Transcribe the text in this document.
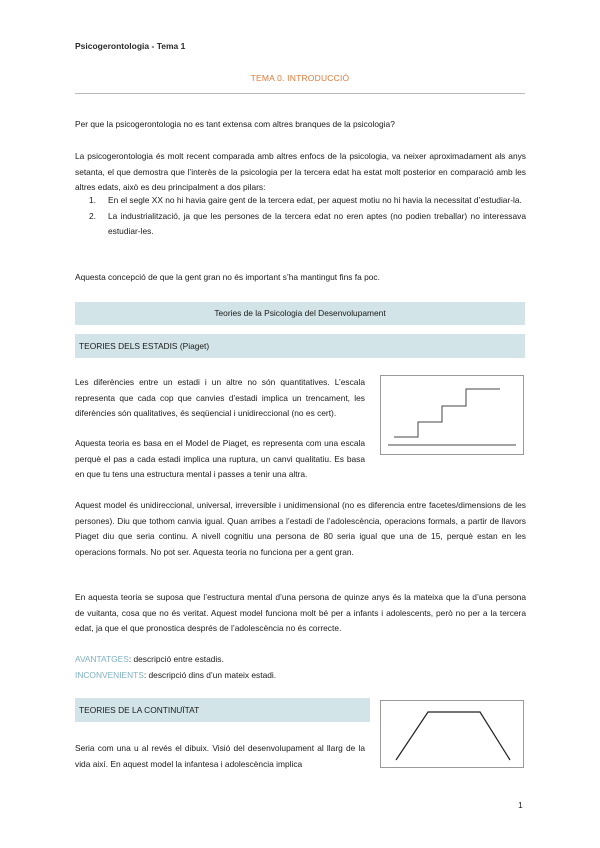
Psicogerontologia - Tema 1
TEMA 0. INTRODUCCIÓ
Per que la psicogerontologia no es tant extensa com altres branques de la psicologia?
La psicogerontologia és molt recent comparada amb altres enfocs de la psicologia, va neixer aproximadament als anys setanta, el que demostra que l’interès de la psicologia per la tercera edat ha estat molt posterior en comparació amb les altres edats, això es deu principalment a dos pilars:
1. En el segle XX no hi havia gaire gent de la tercera edat, per aquest motiu no hi havia la necessitat d’estudiar-la.
2. La industrialització, ja que les persones de la tercera edat no eren aptes (no podien treballar) no interessava estudiar-les.
Aquesta concepció de que la gent gran no és important s’ha mantingut fins fa poc.
Teories de la Psicologia del Desenvolupament
TEORIES DELS ESTADIS (Piaget)
Les diferències entre un estadi i un altre no són quantitatives. L’escala representa que cada cop que canvies d’estadi implica un trencament, les diferències són qualitatives, és seqüencial i unidireccional (no es cert).
Aquesta teoria es basa en el Model de Piaget, es representa com una escala perquè el pas a cada estadi implica una ruptura, un canvi qualitatiu. Es basa en que tu tens una estructura mental i passes a tenir una altra.
Aquest model és unidireccional, universal, irreversible i unidimensional (no es diferencia entre facetes/dimensions de les persones). Diu que tothom canvia igual. Quan arribes a l’estadi de l’adolescència, operacions formals, a partir de llavors Piaget diu que seria continu. A nivell cognitiu una persona de 80 seria igual que una de 15, perquè estan en les operacions formals. No pot ser. Aquesta teoria no funciona per a gent gran.
En aquesta teoria se suposa que l’estructura mental d’una persona de quinze anys és la mateixa que la d’una persona de vuitanta, cosa que no és veritat. Aquest model funciona molt bé per a infants i adolescents, però no per a la tercera edat, ja que el que pronostica després de l’adolescència no és correcte.
AVANTATGES: descripció entre estadis.
INCONVENIENTS: descripció dins d’un mateix estadi.
TEORIES DE LA CONTINUÏTAT
Seria com una u al revés el dibuix. Visió del desenvolupament al llarg de la vida així. En aquest model la infantesa i adolescència implica
1
